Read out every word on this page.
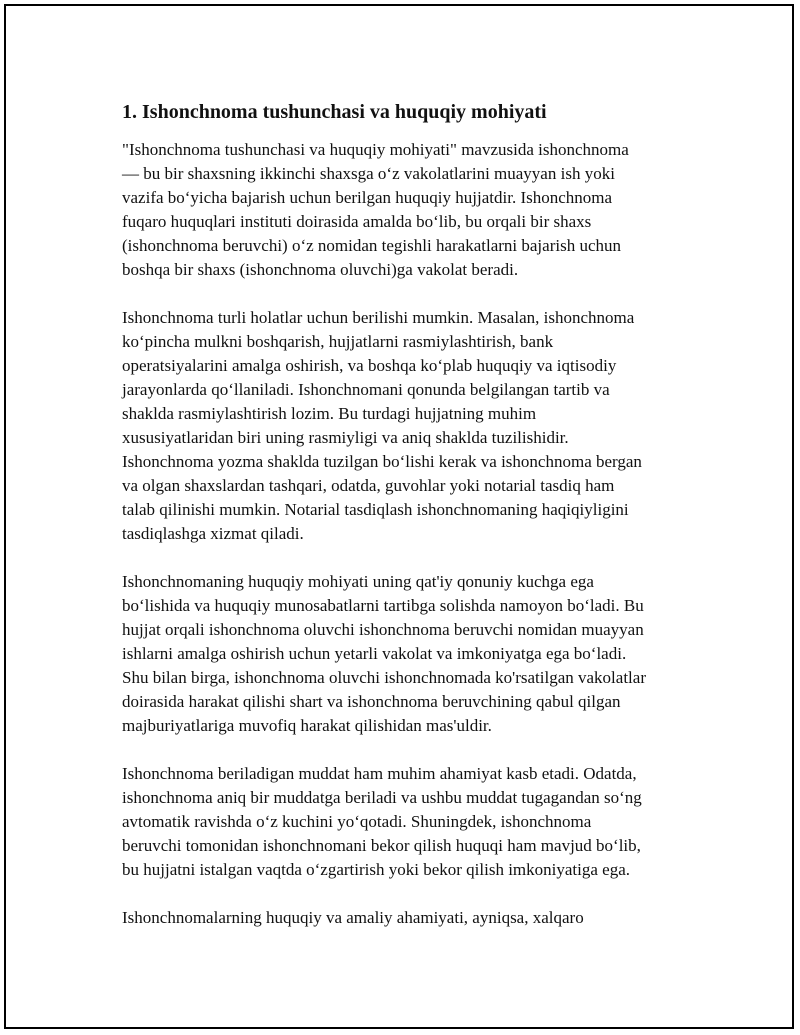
1. Ishonchnoma tushunchasi va huquqiy mohiyati

"Ishonchnoma tushunchasi va huquqiy mohiyati" mavzusida ishonchnoma
— bu bir shaxsning ikkinchi shaxsga o‘z vakolatlarini muayyan ish yoki
vazifa bo‘yicha bajarish uchun berilgan huquqiy hujjatdir. Ishonchnoma
fuqaro huquqlari instituti doirasida amalda bo‘lib, bu orqali bir shaxs
(ishonchnoma beruvchi) o‘z nomidan tegishli harakatlarni bajarish uchun
boshqa bir shaxs (ishonchnoma oluvchi)ga vakolat beradi.

Ishonchnoma turli holatlar uchun berilishi mumkin. Masalan, ishonchnoma
ko‘pincha mulkni boshqarish, hujjatlarni rasmiylashtirish, bank
operatsiyalarini amalga oshirish, va boshqa ko‘plab huquqiy va iqtisodiy
jarayonlarda qo‘llaniladi. Ishonchnomani qonunda belgilangan tartib va
shaklda rasmiylashtirish lozim. Bu turdagi hujjatning muhim
xususiyatlaridan biri uning rasmiyligi va aniq shaklda tuzilishidir.
Ishonchnoma yozma shaklda tuzilgan bo‘lishi kerak va ishonchnoma bergan
va olgan shaxslardan tashqari, odatda, guvohlar yoki notarial tasdiq ham
talab qilinishi mumkin. Notarial tasdiqlash ishonchnomaning haqiqiyligini
tasdiqlashga xizmat qiladi.

Ishonchnomaning huquqiy mohiyati uning qat'iy qonuniy kuchga ega
bo‘lishida va huquqiy munosabatlarni tartibga solishda namoyon bo‘ladi. Bu
hujjat orqali ishonchnoma oluvchi ishonchnoma beruvchi nomidan muayyan
ishlarni amalga oshirish uchun yetarli vakolat va imkoniyatga ega bo‘ladi.
Shu bilan birga, ishonchnoma oluvchi ishonchnomada ko'rsatilgan vakolatlar
doirasida harakat qilishi shart va ishonchnoma beruvchining qabul qilgan
majburiyatlariga muvofiq harakat qilishidan mas'uldir.

Ishonchnoma beriladigan muddat ham muhim ahamiyat kasb etadi. Odatda,
ishonchnoma aniq bir muddatga beriladi va ushbu muddat tugagandan so‘ng
avtomatik ravishda o‘z kuchini yo‘qotadi. Shuningdek, ishonchnoma
beruvchi tomonidan ishonchnomani bekor qilish huquqi ham mavjud bo‘lib,
bu hujjatni istalgan vaqtda o‘zgartirish yoki bekor qilish imkoniyatiga ega.

Ishonchnomalarning huquqiy va amaliy ahamiyati, ayniqsa, xalqaro
